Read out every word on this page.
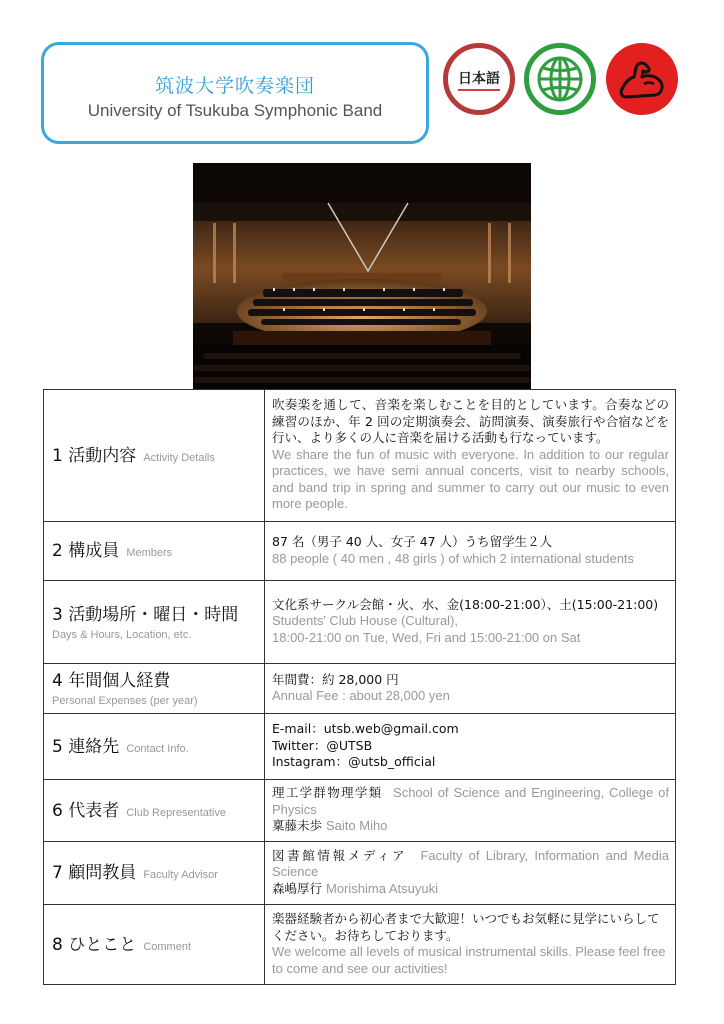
筑波大学吹奏楽団
University of Tsukuba Symphonic Band
日本語
1 活動内容 Activity Details	吹奏楽を通して、音楽を楽しむことを目的としています。合奏などの練習のほか、年 2 回の定期演奏会、訪問演奏、演奏旅行や合宿などを行い、より多くの人に音楽を届ける活動も行なっています。
We share the fun of music with everyone. In addition to our regular practices, we have semi annual concerts, visit to nearby schools, and band trip in spring and summer to carry out our music to even more people.

2 構成員 Members	87 名（男子 40 人、女子 47 人）うち留学生２人
88 people ( 40 men , 48 girls ) of which 2 international students

3 活動場所・曜日・時間
Days & Hours, Location, etc.	文化系サークル会館・火、水、金(18:00-21:00）、土(15:00-21:00)
Students' Club House (Cultural),
18:00-21:00 on Tue, Wed, Fri and 15:00-21:00 on Sat

4 年間個人経費
Personal Expenses (per year)	年間費：約 28,000 円
Annual Fee : about 28,000 yen

5 連絡先 Contact Info.	E-mail：utsb.web@gmail.com
Twitter：@UTSB
Instagram：@utsb_official

6 代表者 Club Representative	理工学群物理学類 School of Science and Engineering, College of Physics
稟藤未歩 Saito Miho

7 顧問教員 Faculty Advisor	図書館情報メディア Faculty of Library, Information and Media Science
森嶋厚行 Morishima Atsuyuki

8 ひとこと Comment	楽器経験者から初心者まで大歓迎！いつでもお気軽に見学にいらしてください。お待ちしております。
We welcome all levels of musical instrumental skills. Please feel free to come and see our activities!
